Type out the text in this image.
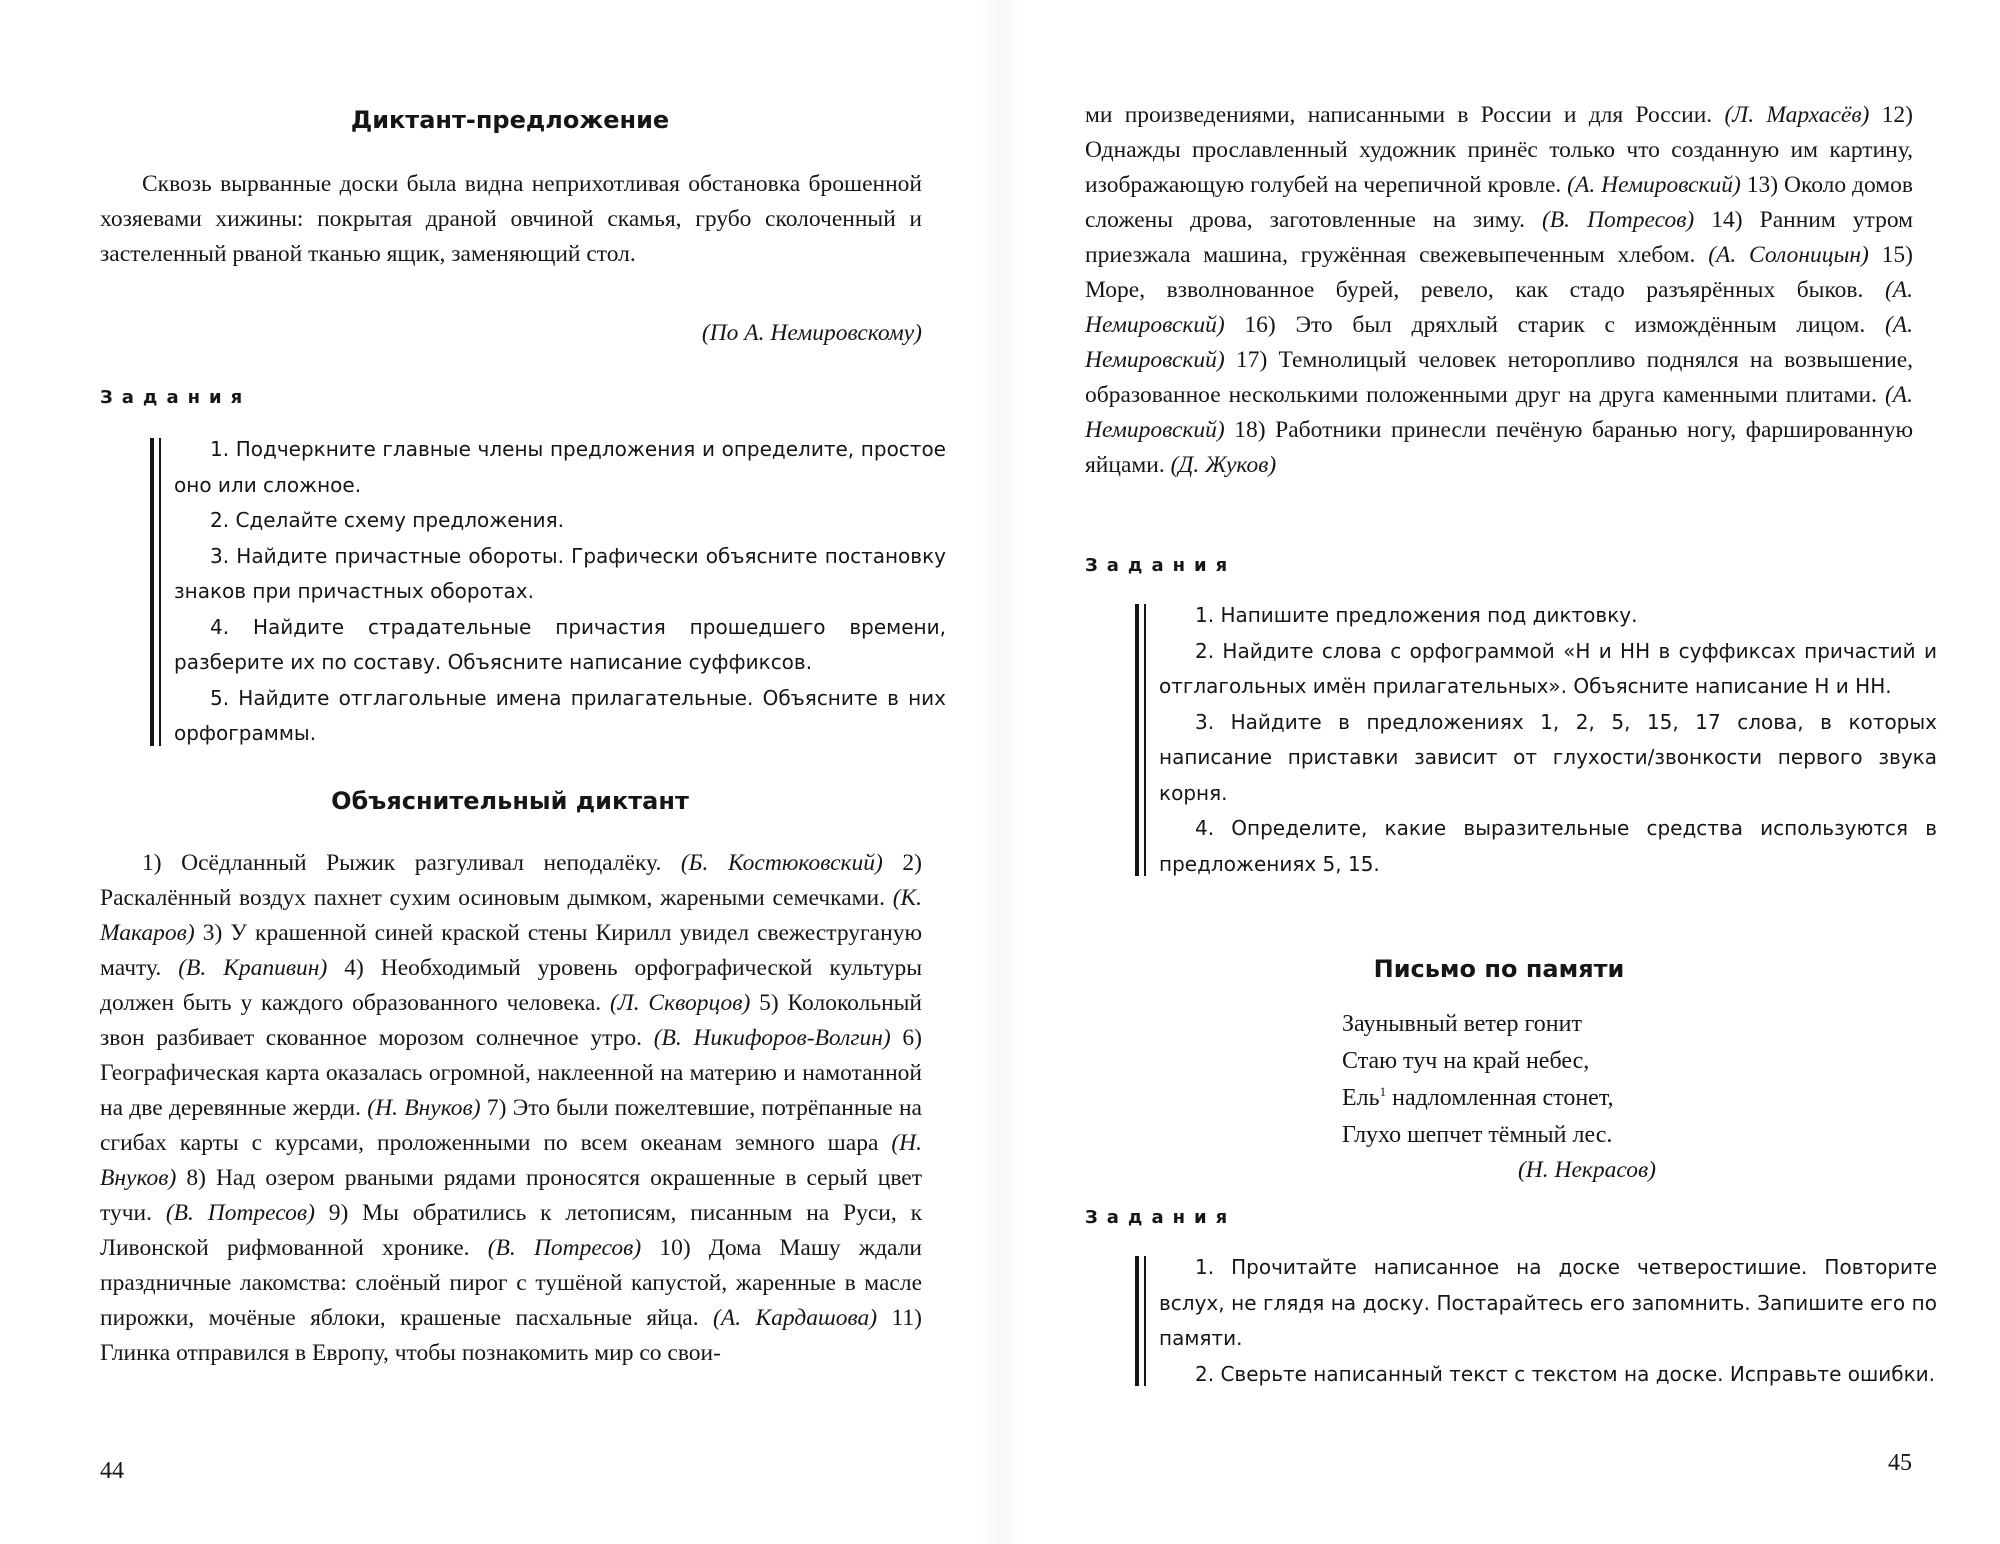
Диктант-предложение

Сквозь вырванные доски была видна неприхотливая обстановка брошенной хозяевами хижины: покрытая драной овчиной скамья, грубо сколоченный и застеленный рваной тканью ящик, заменяющий стол.

(По А. Немировскому)
Задания

1. Подчеркните главные члены предложения и определите, простое оно или сложное.

2. Сделайте схему предложения.

3. Найдите причастные обороты. Графически объясните постановку знаков при причастных оборотах.

4. Найдите страдательные причастия прошедшего времени, разберите их по составу. Объясните написание суффиксов.

5. Найдите отглагольные имена прилагательные. Объясните в них орфограммы.

Объяснительный диктант

1) Осёдланный Рыжик разгуливал неподалёку. (Б. Костюковский) 2) Раскалённый воздух пахнет сухим осиновым дымком, жареными семечками. (К. Макаров) 3) У крашенной синей краской стены Кирилл увидел свежеструганую мачту. (В. Крапивин) 4) Необходимый уровень орфографической культуры должен быть у каждого образованного человека. (Л. Скворцов) 5) Колокольный звон разбивает скованное морозом солнечное утро. (В. Никифоров-Волгин) 6) Географическая карта оказалась огромной, наклеенной на материю и намотанной на две деревянные жерди. (Н. Внуков) 7) Это были пожелтевшие, потрёпанные на сгибах карты с курсами, проложенными по всем океанам земного шара (Н. Внуков) 8) Над озером рваными рядами проносятся окрашенные в серый цвет тучи. (В. Потресов) 9) Мы обратились к летописям, писанным на Руси, к Ливонской рифмованной хронике. (В. Потресов) 10) Дома Машу ждали праздничные лакомства: слоёный пирог с тушёной капустой, жаренные в масле пирожки, мочёные яблоки, крашеные пасхальные яйца. (А. Кардашова) 11) Глинка отправился в Европу, чтобы познакомить мир со свои-

44

ми произведениями, написанными в России и для России. (Л. Мархасёв) 12) Однажды прославленный художник принёс только что созданную им картину, изображающую голубей на черепичной кровле. (А. Немировский) 13) Около домов сложены дрова, заготовленные на зиму. (В. Потресов) 14) Ранним утром приезжала машина, гружённая свежевыпеченным хлебом. (А. Солоницын) 15) Море, взволнованное бурей, ревело, как стадо разъярённых быков. (А. Немировский) 16) Это был дряхлый старик с измождённым лицом. (А. Немировский) 17) Темнолицый человек неторопливо поднялся на возвышение, образованное несколькими положенными друг на друга каменными плитами. (А. Немировский) 18) Работники принесли печёную баранью ногу, фаршированную яйцами. (Д. Жуков)

Задания

1. Напишите предложения под диктовку.

2. Найдите слова с орфограммой «Н и НН в суффиксах причастий и отглагольных имён прилагательных». Объясните написание Н и НН.

3. Найдите в предложениях 1, 2, 5, 15, 17 слова, в которых написание приставки зависит от глухости/звонкости первого звука корня.

4. Определите, какие выразительные средства используются в предложениях 5, 15.

Письмо по памяти
Заунывный ветер гонит
Стаю туч на край небес,
Ель$^1$ надломленная стонет,
Глухо шепчет тёмный лес.
(Н. Некрасов)
Задания

1. Прочитайте написанное на доске четверостишие. Повторите вслух, не глядя на доску. Постарайтесь его запомнить. Запишите его по памяти.

2. Сверьте написанный текст с текстом на доске. Исправьте ошибки.

45
